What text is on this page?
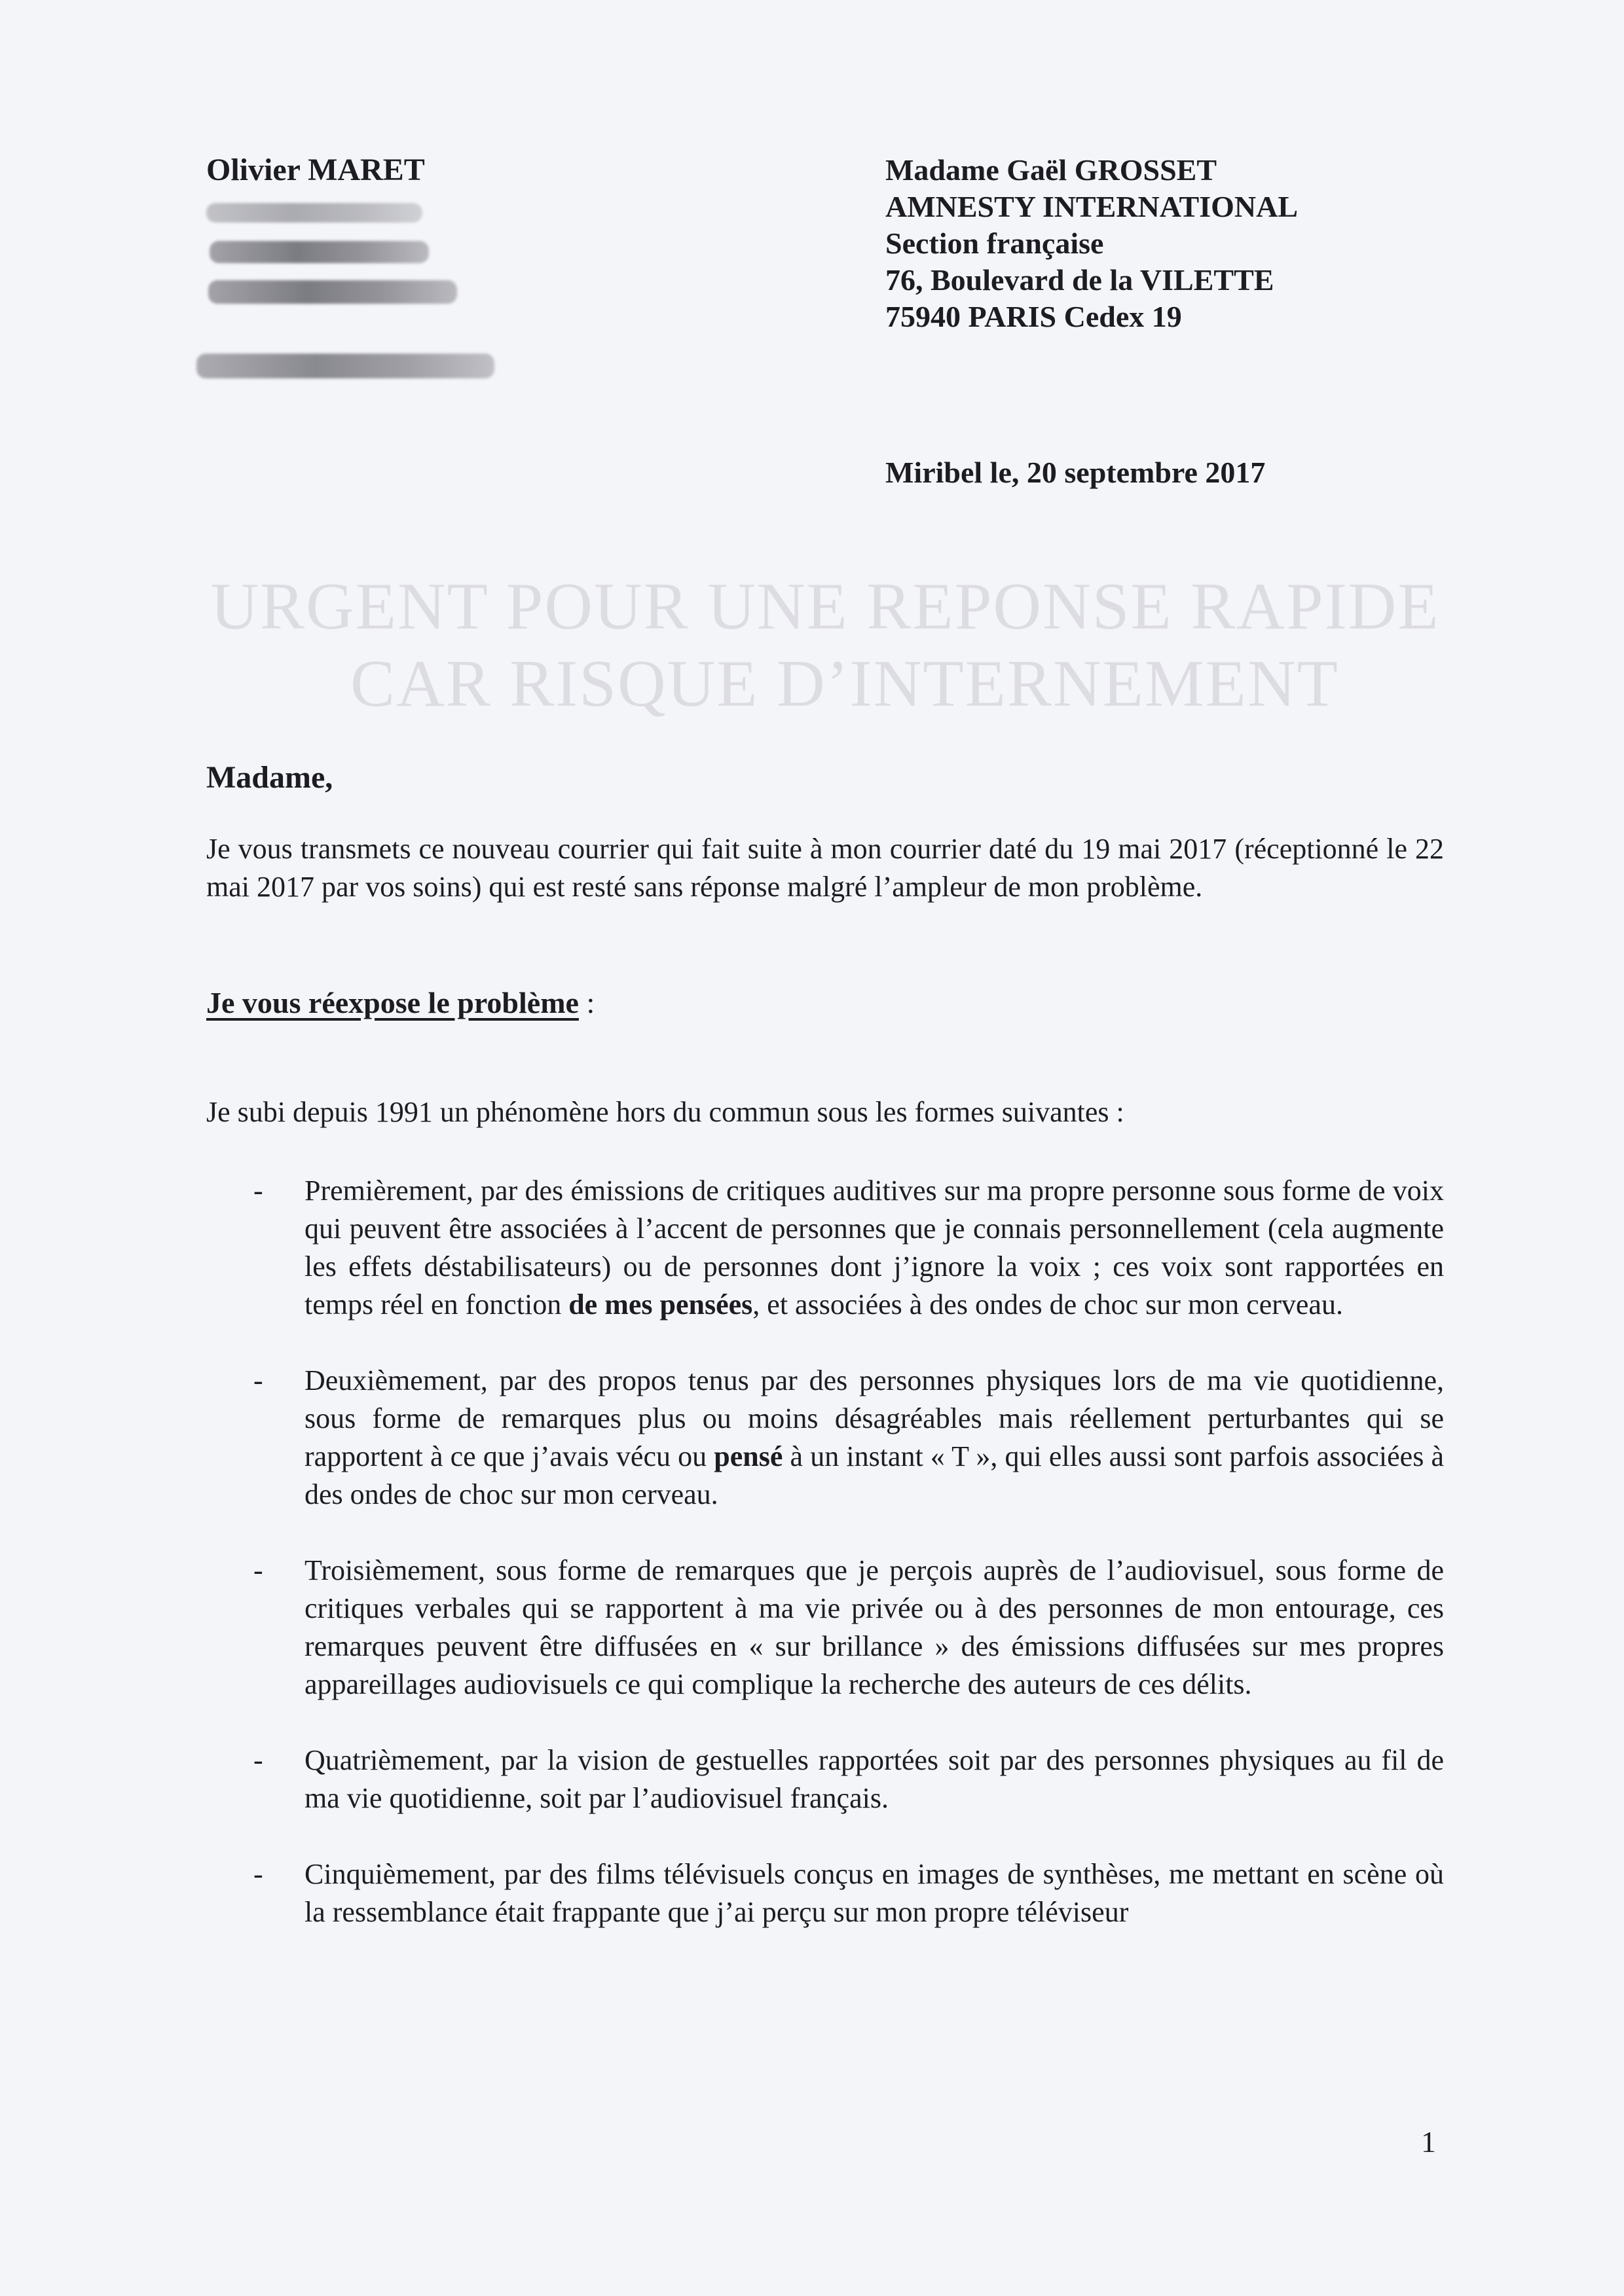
Olivier MARET	Madame Gaël GROSSET
AMNESTY INTERNATIONAL
Section française
76, Boulevard de la VILETTE
75940 PARIS Cedex 19
Miribel le, 20 septembre 2017
URGENT POUR UNE REPONSE RAPIDE
CAR RISQUE D’INTERNEMENT
Madame,
Je vous transmets ce nouveau courrier qui fait suite à mon courrier daté du 19 mai 2017 (réceptionné le 22 mai 2017 par vos soins) qui est resté sans réponse malgré l’ampleur de mon problème.
Je vous réexpose le problème :
Je subi depuis 1991 un phénomène hors du commun sous les formes suivantes :
- Premièrement, par des émissions de critiques auditives sur ma propre personne sous forme de voix qui peuvent être associées à l’accent de personnes que je connais personnellement (cela augmente les effets déstabilisateurs) ou de personnes dont j’ignore la voix ; ces voix sont rapportées en temps réel en fonction de mes pensées, et associées à des ondes de choc sur mon cerveau.
- Deuxièmement, par des propos tenus par des personnes physiques lors de ma vie quotidienne, sous forme de remarques plus ou moins désagréables mais réellement perturbantes qui se rapportent à ce que j’avais vécu ou pensé à un instant « T », qui elles aussi sont parfois associées à des ondes de choc sur mon cerveau.
- Troisièmement, sous forme de remarques que je perçois auprès de l’audiovisuel, sous forme de critiques verbales qui se rapportent à ma vie privée ou à des personnes de mon entourage, ces remarques peuvent être diffusées en « sur brillance » des émissions diffusées sur mes propres appareillages audiovisuels ce qui complique la recherche des auteurs de ces délits.
- Quatrièmement, par la vision de gestuelles rapportées soit par des personnes physiques au fil de ma vie quotidienne, soit par l’audiovisuel français.
- Cinquièmement, par des films télévisuels conçus en images de synthèses, me mettant en scène où la ressemblance était frappante que j’ai perçu sur mon propre téléviseur
1
